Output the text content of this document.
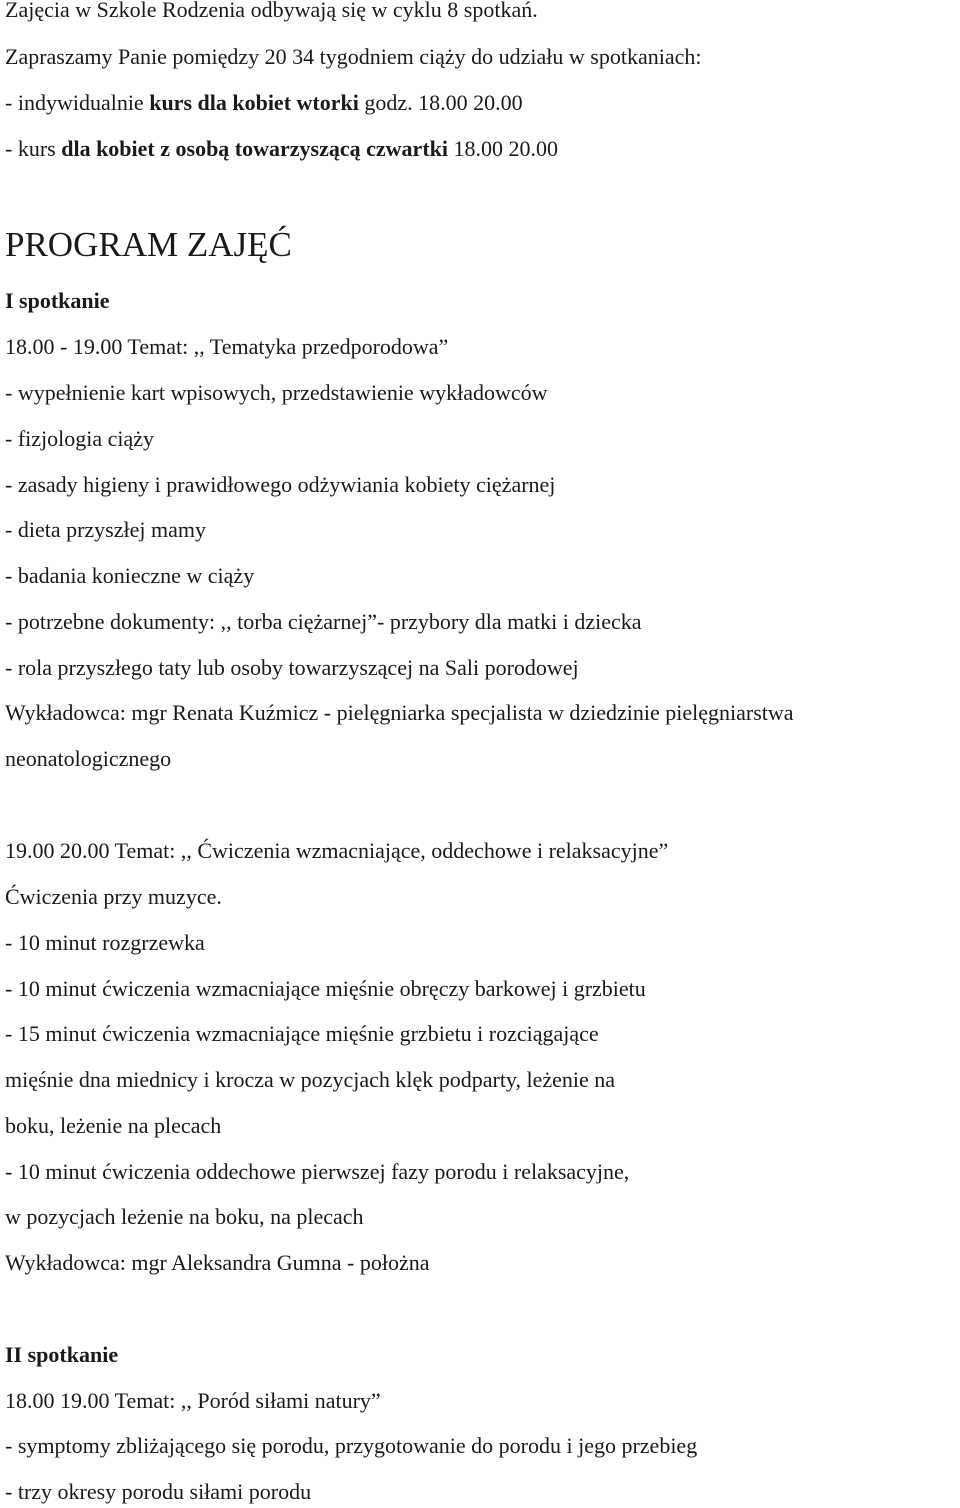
Zajęcia w Szkole Rodzenia odbywają się w cyklu 8 spotkań.
Zapraszamy Panie pomiędzy 20 34 tygodniem ciąży do udziału w spotkaniach:
- indywidualnie kurs dla kobiet wtorki godz. 18.00 20.00
- kurs dla kobiet z osobą towarzyszącą czwartki 18.00 20.00
PROGRAM ZAJĘĆ
I spotkanie
18.00 - 19.00 Temat: ,, Tematyka przedporodowa”
- wypełnienie kart wpisowych, przedstawienie wykładowców
- fizjologia ciąży
- zasady higieny i prawidłowego odżywiania kobiety ciężarnej
- dieta przyszłej mamy
- badania konieczne w ciąży
- potrzebne dokumenty: ,, torba ciężarnej”- przybory dla matki i dziecka
- rola przyszłego taty lub osoby towarzyszącej na Sali porodowej
Wykładowca: mgr Renata Kuźmicz - pielęgniarka specjalista w dziedzinie pielęgniarstwa
neonatologicznego
19.00 20.00 Temat: ,, Ćwiczenia wzmacniające, oddechowe i relaksacyjne”
Ćwiczenia przy muzyce.
- 10 minut rozgrzewka
- 10 minut ćwiczenia wzmacniające mięśnie obręczy barkowej i grzbietu
- 15 minut ćwiczenia wzmacniające mięśnie grzbietu i rozciągające
mięśnie dna miednicy i krocza w pozycjach klęk podparty, leżenie na
boku, leżenie na plecach
- 10 minut ćwiczenia oddechowe pierwszej fazy porodu i relaksacyjne,
w pozycjach leżenie na boku, na plecach
Wykładowca: mgr Aleksandra Gumna - położna
II spotkanie
18.00 19.00 Temat: ,, Poród siłami natury”
- symptomy zbliżającego się porodu, przygotowanie do porodu i jego przebieg
- trzy okresy porodu siłami porodu
